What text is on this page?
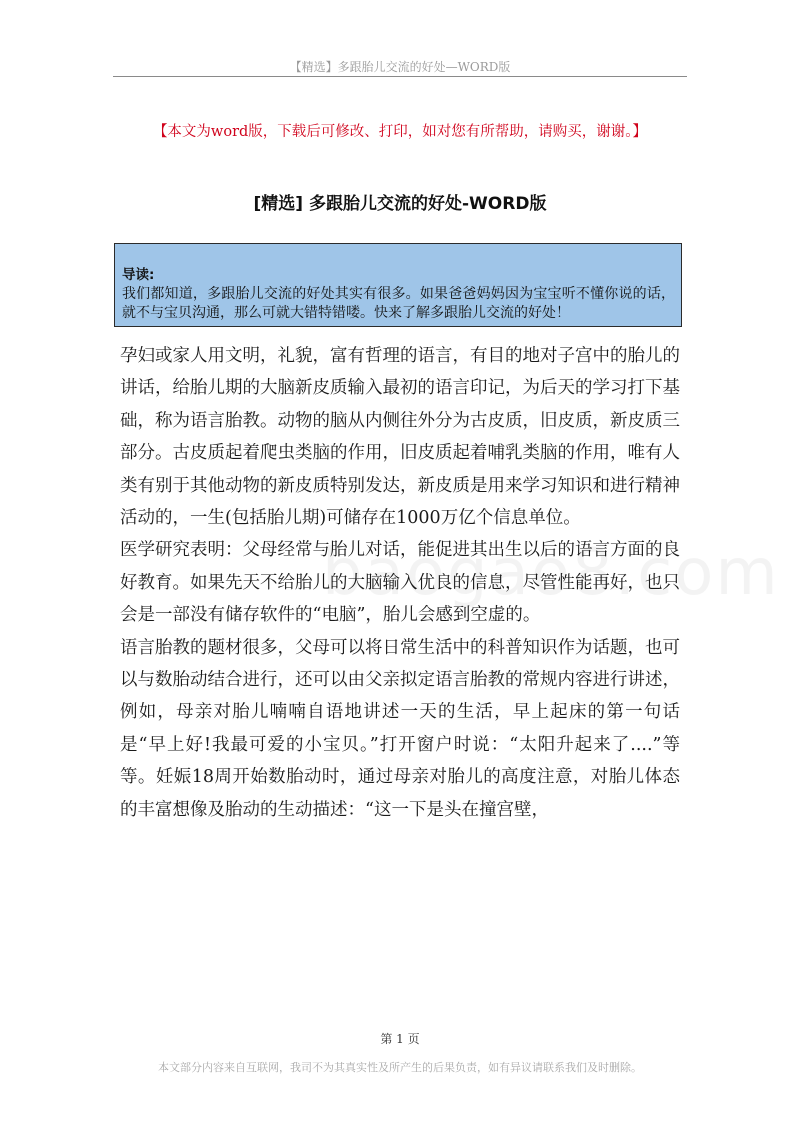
【精选】多跟胎儿交流的好处—WORD版
【本文为word版，下载后可修改、打印，如对您有所帮助，请购买，谢谢。】
[精选] 多跟胎儿交流的好处-WORD版
导读:
我们都知道，多跟胎儿交流的好处其实有很多。如果爸爸妈妈因为宝宝听不懂你说的话，就不与宝贝沟通，那么可就大错特错喽。快来了解多跟胎儿交流的好处！

孕妇或家人用文明，礼貌，富有哲理的语言，有目的地对子宫中的胎儿的讲话，给胎儿期的大脑新皮质输入最初的语言印记，为后天的学习打下基础，称为语言胎教。动物的脑从内侧往外分为古皮质，旧皮质，新皮质三部分。古皮质起着爬虫类脑的作用，旧皮质起着哺乳类脑的作用，唯有人类有别于其他动物的新皮质特别发达，新皮质是用来学习知识和进行精神活动的，一生(包括胎儿期)可储存在1000万亿个信息单位。

医学研究表明：父母经常与胎儿对话，能促进其出生以后的语言方面的良好教育。如果先天不给胎儿的大脑输入优良的信息，尽管性能再好，也只会是一部没有储存软件的“电脑”，胎儿会感到空虚的。

语言胎教的题材很多，父母可以将日常生活中的科普知识作为话题，也可以与数胎动结合进行，还可以由父亲拟定语言胎教的常规内容进行讲述，例如，母亲对胎儿喃喃自语地讲述一天的生活，早上起床的第一句话是“早上好!我最可爱的小宝贝。”打开窗户时说：“太阳升起来了....”等等。妊娠18周开始数胎动时，通过母亲对胎儿的高度注意，对胎儿体态的丰富想像及胎动的生动描述：“这一下是头在撞宫壁，

第 1 页
本文部分内容来自互联网，我司不为其真实性及所产生的后果负责，如有异议请联系我们及时删除。
